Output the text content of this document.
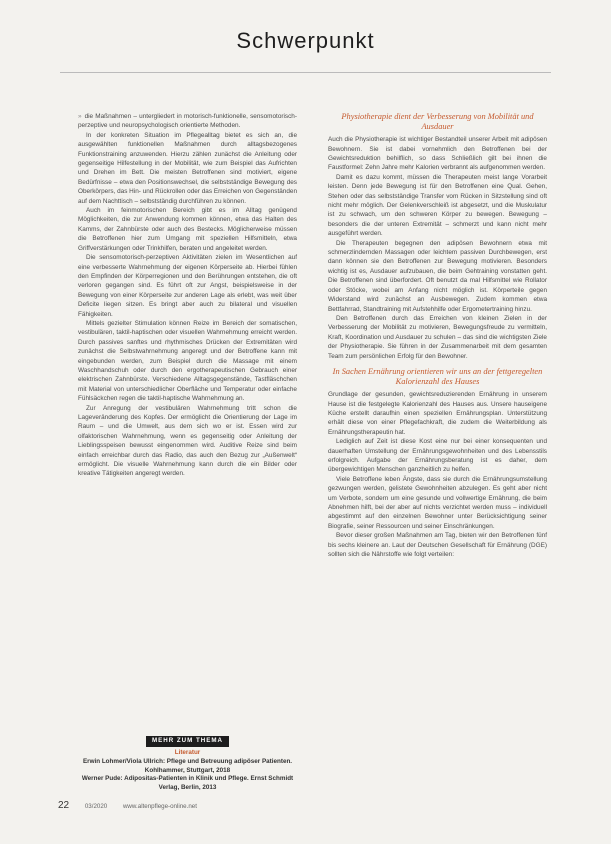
Schwerpunkt

» die Maßnahmen – untergliedert in motorisch-funktionelle, sensomotorisch-perzeptive und neuropsychologisch orientierte Methoden.

In der konkreten Situation im Pflegealltag bietet es sich an, die ausgewählten funktionellen Maßnahmen durch alltagsbezogenes Funktionstraining anzuwenden. Hierzu zählen zunächst die Anleitung oder gegenseitige Hilfestellung in der Mobilität, wie zum Beispiel das Aufrichten und Drehen im Bett. Die meisten Betroffenen sind motiviert, eigene Bedürfnisse – etwa den Positionswechsel, die selbstständige Bewegung des Oberkörpers, das Hin- und Rückrollen oder das Erreichen von Gegenständen auf dem Nachttisch – selbstständig durchführen zu können.

Auch im feinmotorischen Bereich gibt es im Alltag genügend Möglichkeiten, die zur Anwendung kommen können, etwa das Halten des Kamms, der Zahnbürste oder auch des Bestecks. Möglicherweise müssen die Betroffenen hier zum Umgang mit speziellen Hilfsmitteln, etwa Griffverstärkungen oder Trinkhilfen, beraten und angeleitet werden.

Die sensomotorisch-perzeptiven Aktivitäten zielen im Wesentlichen auf eine verbesserte Wahrnehmung der eigenen Körperseite ab. Hierbei fühlen den Empfinden der Körperregionen und den Berührungen entstehen, die oft verloren gegangen sind. Es führt oft zur Angst, beispielsweise in der Bewegung von einer Körperseite zur anderen Lage als erlebt, was weit über Deficite liegen sitzen. Es bringt aber auch zu bilateral und visuellen Fähigkeiten.

Mittels gezielter Stimulation können Reize im Bereich der somatischen, vestibulären, taktil-haptischen oder visuellen Wahrnehmung erreicht werden. Durch passives sanftes und rhythmisches Drücken der Extremitäten wird zunächst die Selbstwahrnehmung angeregt und der Betroffene kann mit eingebunden werden, zum Beispiel durch die Massage mit einem Waschhandschuh oder durch den ergotherapeutischen Gebrauch einer elektrischen Zahnbürste. Verschiedene Alltagsgegenstände, Tastfläschchen mit Material von unterschiedlicher Oberfläche und Temperatur oder einfache Fühlsäckchen regen die taktil-haptische Wahrnehmung an.

Zur Anregung der vestibulären Wahrnehmung tritt schon die Lageveränderung des Kopfes. Der ermöglicht die Orientierung der Lage im Raum – und die Umwelt, aus dem sich wo er ist. Essen wird zur olfaktorischen Wahrnehmung, wenn es gegenseitig oder Anleitung der Lieblingsspeisen bewusst eingenommen wird. Auditive Reize sind beim einfach erreichbar durch das Radio, das auch den Bezug zur „Außenwelt“ ermöglicht. Die visuelle Wahrnehmung kann durch die ein Bilder oder kreative Tätigkeiten angeregt werden.

MEHR ZUM THEMA
Literatur

Erwin Lohmer/Viola Ullrich: Pflege und Betreuung adipöser Patienten. Kohlhammer, Stuttgart, 2018

Werner Pude: Adipositas-Patienten in Klinik und Pflege. Ernst Schmidt Verlag, Berlin, 2013

Physiotherapie dient der Verbesserung von Mobilität und Ausdauer

Auch die Physiotherapie ist wichtiger Bestandteil unserer Arbeit mit adipösen Bewohnern. Sie ist dabei vornehmlich den Betroffenen bei der Gewichtsreduktion behilflich, so dass Schließlich gilt bei ihnen die Faustformel: Zehn Jahre mehr Kalorien verbrannt als aufgenommen werden.

Damit es dazu kommt, müssen die Therapeuten meist lange Vorarbeit leisten. Denn jede Bewegung ist für den Betroffenen eine Qual. Gehen, Stehen oder das selbstständige Transfer vom Rücken in Sitzstellung sind oft nicht mehr möglich. Der Gelenkverschleiß ist abgesetzt, und die Muskulatur ist zu schwach, um den schweren Körper zu bewegen. Bewegung – besonders die der unteren Extremität – schmerzt und kann nicht mehr ausgeführt werden.

Die Therapeuten begegnen den adipösen Bewohnern etwa mit schmerzlindernden Massagen oder leichtem passiven Durchbewegen, erst dann können sie den Betroffenen zur Bewegung motivieren. Besonders wichtig ist es, Ausdauer aufzubauen, die beim Gehtraining vonstatten geht. Die Betroffenen sind überfordert. Oft benutzt da mal Hilfsmittel wie Rollator oder Stöcke, wobei am Anfang nicht möglich ist. Körperteile gegen Widerstand wird zunächst an Ausbewegen. Zudem kommen etwa Bettfahrrad, Standtraining mit Aufstehhilfe oder Ergometertraining hinzu.

Den Betroffenen durch das Erreichen von kleinen Zielen in der Verbesserung der Mobilität zu motivieren, Bewegungsfreude zu vermitteln, Kraft, Koordination und Ausdauer zu schulen – das sind die wichtigsten Ziele der Physiotherapie. Sie führen in der Zusammenarbeit mit dem gesamten Team zum persönlichen Erfolg für den Bewohner.

In Sachen Ernährung orientieren wir uns an der fettgeregelten Kalorienzahl des Hauses

Grundlage der gesunden, gewichtsreduzierenden Ernährung in unserem Hause ist die festgelegte Kalorienzahl des Hauses aus. Unsere hauseigene Küche erstellt daraufhin einen speziellen Ernährungsplan. Unterstützung erhält diese von einer Pflegefachkraft, die zudem die Weiterbildung als Ernährungstherapeutin hat.

Lediglich auf Zeit ist diese Kost eine nur bei einer konsequenten und dauerhaften Umstellung der Ernährungsgewohnheiten und des Lebensstils erfolgreich. Aufgabe der Ernährungsberatung ist es daher, dem übergewichtigen Menschen ganzheitlich zu helfen.

Viele Betroffene leben Ängste, dass sie durch die Ernährungsumstellung gezwungen werden, gelistete Gewohnheiten abzulegen. Es geht aber nicht um Verbote, sondern um eine gesunde und vollwertige Ernährung, die beim Abnehmen hilft, bei der aber auf nichts verzichtet werden muss – individuell abgestimmt auf den einzelnen Bewohner unter Berücksichtigung seiner Biografie, seiner Ressourcen und seiner Einschränkungen.

Bevor dieser großen Maßnahmen am Tag, bieten wir den Betroffenen fünf bis sechs kleinere an. Laut der Deutschen Gesellschaft für Ernährung (DGE) sollten sich die Nährstoffe wie folgt verteilen:

22	03/2020	www.altenpflege-online.net
